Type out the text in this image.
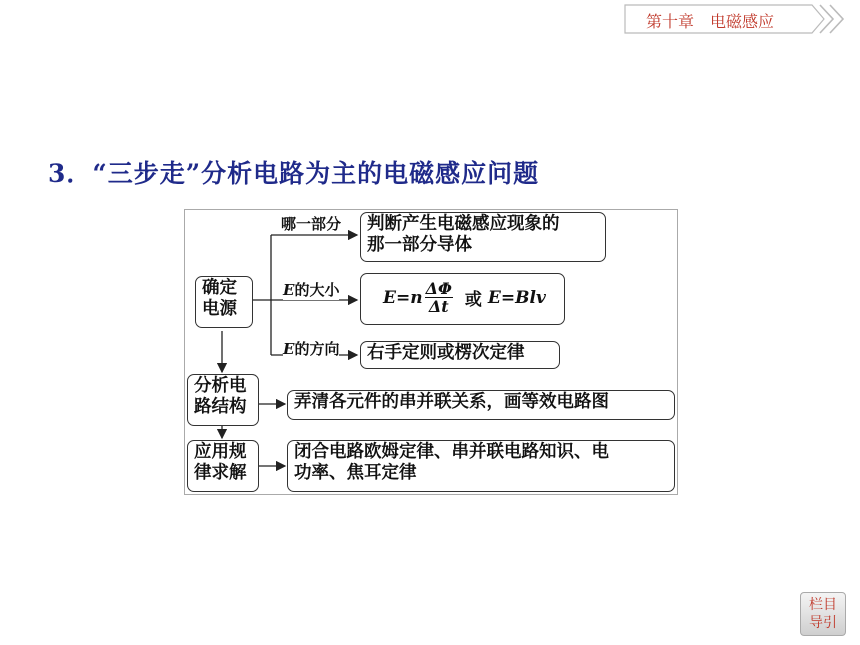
第十章 电磁感应
3．“三步走”分析电路为主的电磁感应问题
确定
电源
分析电
路结构
应用规
律求解
哪一部分
E的大小
E的方向
判断产生电磁感应现象的
那一部分导体
$E=n \frac{\Delta\Phi}{\Delta t}$ 或 E=Blv
右手定则或楞次定律
弄清各元件的串并联关系，画等效电路图
闭合电路欧姆定律、串并联电路知识、电
功率、焦耳定律
栏目
导引
